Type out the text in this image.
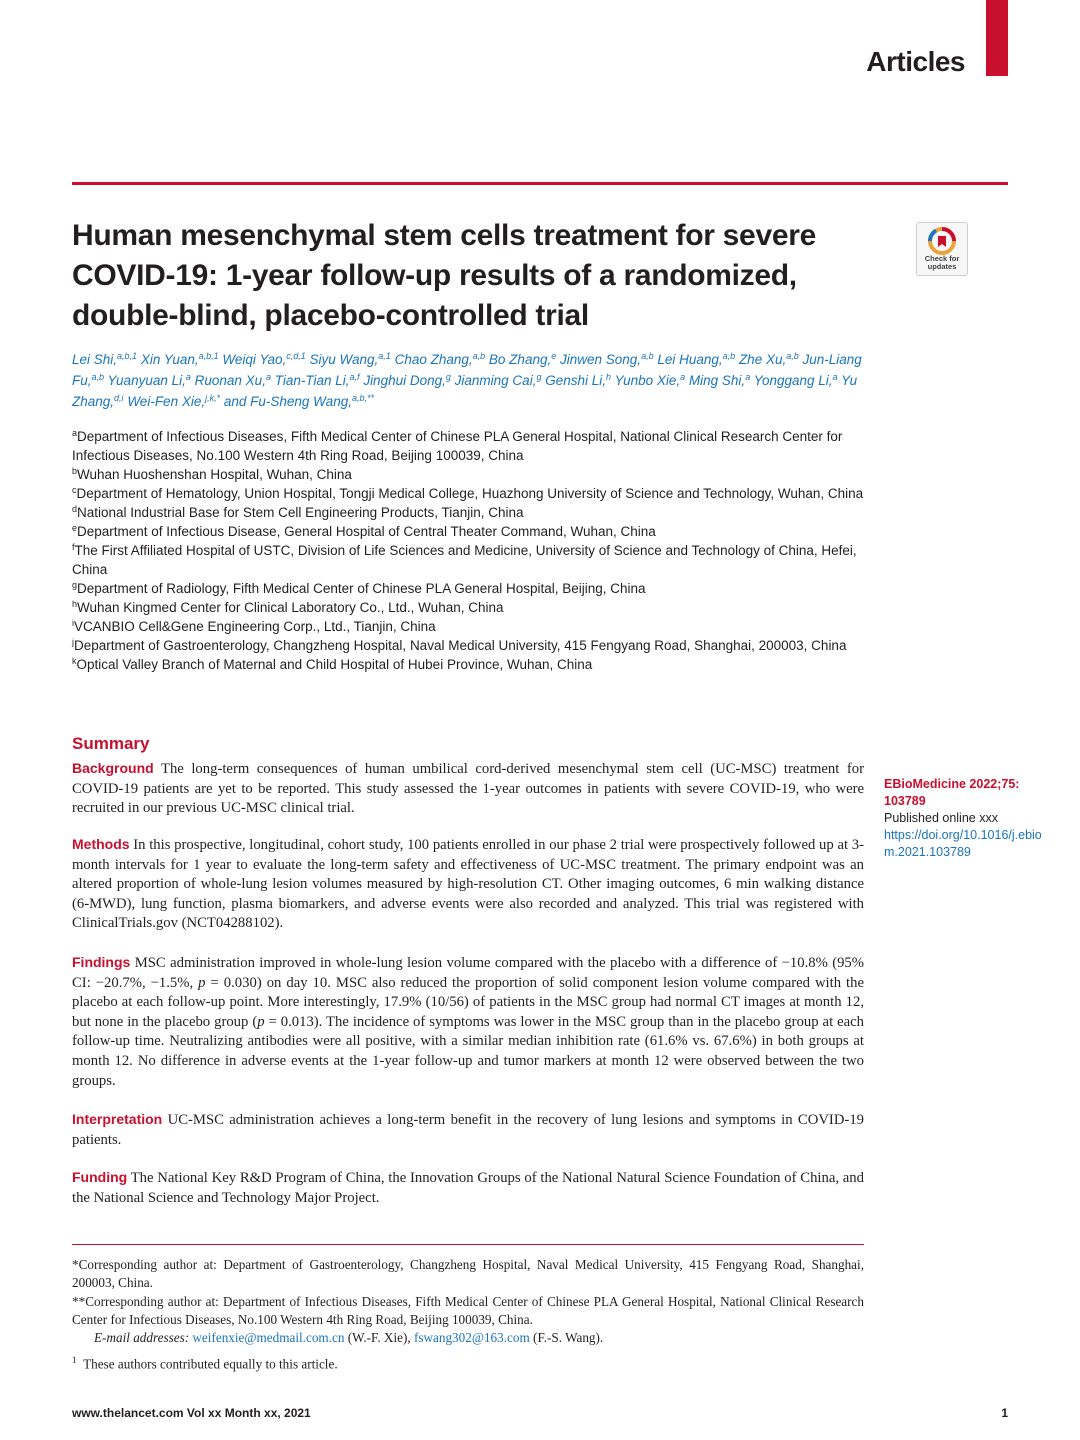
Articles
Human mesenchymal stem cells treatment for severe COVID-19: 1-year follow-up results of a randomized, double-blind, placebo-controlled trial
Check for
updates
Lei Shi,$^{a,b,1}$ Xin Yuan,$^{a,b,1}$ Weiqi Yao,$^{c,d,1}$ Siyu Wang,$^{a,1}$ Chao Zhang,$^{a,b}$ Bo Zhang,$^e$ Jinwen Song,$^{a,b}$ Lei Huang,$^{a,b}$ Zhe Xu,$^{a,b}$ Jun-Liang Fu,$^{a,b}$ Yuanyuan Li,$^a$ Ruonan Xu,$^a$ Tian-Tian Li,$^{a,f}$ Jinghui Dong,$^g$ Jianming Cai,$^g$ Genshi Li,$^h$ Yunbo Xie,$^a$ Ming Shi,$^a$ Yonggang Li,$^a$ Yu Zhang,$^{d,i}$ Wei-Fen Xie,$^{j,k,*}$ and Fu-Sheng Wang,$^{a,b,**}$
$^a$Department of Infectious Diseases, Fifth Medical Center of Chinese PLA General Hospital, National Clinical Research Center for Infectious Diseases, No.100 Western 4th Ring Road, Beijing 100039, China
$^b$Wuhan Huoshenshan Hospital, Wuhan, China
$^c$Department of Hematology, Union Hospital, Tongji Medical College, Huazhong University of Science and Technology, Wuhan, China
$^d$National Industrial Base for Stem Cell Engineering Products, Tianjin, China
$^e$Department of Infectious Disease, General Hospital of Central Theater Command, Wuhan, China
$^f$The First Affiliated Hospital of USTC, Division of Life Sciences and Medicine, University of Science and Technology of China, Hefei, China
$^g$Department of Radiology, Fifth Medical Center of Chinese PLA General Hospital, Beijing, China
$^h$Wuhan Kingmed Center for Clinical Laboratory Co., Ltd., Wuhan, China
$^i$VCANBIO Cell&Gene Engineering Corp., Ltd., Tianjin, China
$^j$Department of Gastroenterology, Changzheng Hospital, Naval Medical University, 415 Fengyang Road, Shanghai, 200003, China
$^k$Optical Valley Branch of Maternal and Child Hospital of Hubei Province, Wuhan, China
Summary

Background The long-term consequences of human umbilical cord-derived mesenchymal stem cell (UC-MSC) treatment for COVID-19 patients are yet to be reported. This study assessed the 1-year outcomes in patients with severe COVID-19, who were recruited in our previous UC-MSC clinical trial.

Methods In this prospective, longitudinal, cohort study, 100 patients enrolled in our phase 2 trial were prospectively followed up at 3-month intervals for 1 year to evaluate the long-term safety and effectiveness of UC-MSC treatment. The primary endpoint was an altered proportion of whole-lung lesion volumes measured by high-resolution CT. Other imaging outcomes, 6 min walking distance (6-MWD), lung function, plasma biomarkers, and adverse events were also recorded and analyzed. This trial was registered with ClinicalTrials.gov (NCT04288102).

Findings MSC administration improved in whole-lung lesion volume compared with the placebo with a difference of −10.8% (95% CI: −20.7%, −1.5%, p = 0.030) on day 10. MSC also reduced the proportion of solid component lesion volume compared with the placebo at each follow-up point. More interestingly, 17.9% (10/56) of patients in the MSC group had normal CT images at month 12, but none in the placebo group (p = 0.013). The incidence of symptoms was lower in the MSC group than in the placebo group at each follow-up time. Neutralizing antibodies were all positive, with a similar median inhibition rate (61.6% vs. 67.6%) in both groups at month 12. No difference in adverse events at the 1-year follow-up and tumor markers at month 12 were observed between the two groups.

Interpretation UC-MSC administration achieves a long-term benefit in the recovery of lung lesions and symptoms in COVID-19 patients.

Funding The National Key R&D Program of China, the Innovation Groups of the National Natural Science Foundation of China, and the National Science and Technology Major Project.

EBioMedicine 2022;75: 103789
Published online xxx
https://doi.org/10.1016/j.ebiom.2021.103789
*Corresponding author at: Department of Gastroenterology, Changzheng Hospital, Naval Medical University, 415 Fengyang Road, Shanghai, 200003, China.
**Corresponding author at: Department of Infectious Diseases, Fifth Medical Center of Chinese PLA General Hospital, National Clinical Research Center for Infectious Diseases, No.100 Western 4th Ring Road, Beijing 100039, China.
E-mail addresses: weifenxie@medmail.com.cn (W.-F. Xie), fswang302@163.com (F.-S. Wang).
$^1$ These authors contributed equally to this article.
www.thelancet.com Vol xx Month xx, 2021	1
